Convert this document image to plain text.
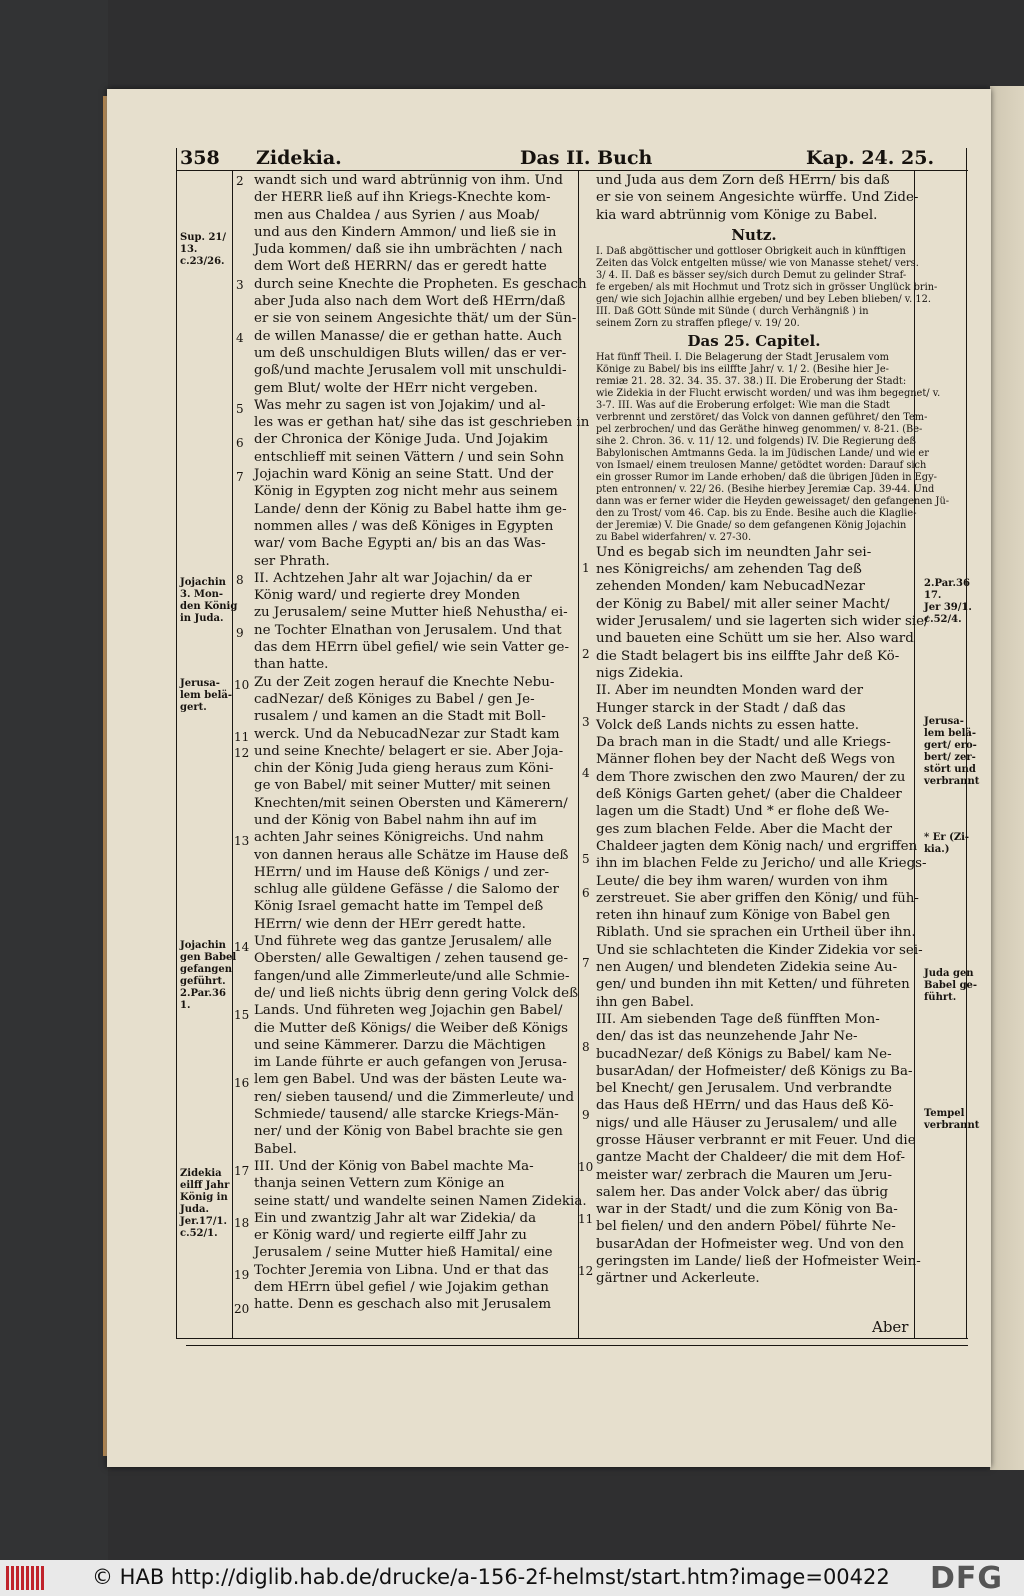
358 Zidekia.	Das II. Buch	Kap. 24. 25.
Sup. 21/
13.
c.23/26.
Jojachin
3. Mon-
den König
in Juda.
Jerusa-
lem belä-
gert.
Jojachin
gen Babel
gefangen
geführt.
2.Par.36
1.
Zidekia
eilff Jahr
König in
Juda.
Jer.17/1.
c.52/1.
2.Par.36
17.
Jer 39/1.
c.52/4.
Jerusa-
lem belä-
gert/ ero-
bert/ zer-
stört und
verbrannt
* Er (Zi-
kia.)
Juda gen
Babel ge-
führt.
Tempel
verbrannt
2
3
4
5
6
7
8
9
10
11
12
13
14
15
16
17
18
19
20
wandt sich und ward abtrünnig von ihm. Und
der HERR ließ auf ihn Kriegs-Knechte kom-
men aus Chaldea / aus Syrien / aus Moab/
und aus den Kindern Ammon/ und ließ sie in
Juda kommen/ daß sie ihn umbrächten / nach
dem Wort deß HERRN/ das er geredt hatte
durch seine Knechte die Propheten. Es geschach
aber Juda also nach dem Wort deß HErrn/daß
er sie von seinem Angesichte thät/ um der Sün-
de willen Manasse/ die er gethan hatte. Auch
um deß unschuldigen Bluts willen/ das er ver-
goß/und machte Jerusalem voll mit unschuldi-
gem Blut/ wolte der HErr nicht vergeben.
Was mehr zu sagen ist von Jojakim/ und al-
les was er gethan hat/ sihe das ist geschrieben in
der Chronica der Könige Juda. Und Jojakim
entschlieff mit seinen Vättern / und sein Sohn
Jojachin ward König an seine Statt. Und der
König in Egypten zog nicht mehr aus seinem
Lande/ denn der König zu Babel hatte ihm ge-
nommen alles / was deß Königes in Egypten
war/ vom Bache Egypti an/ bis an das Was-
ser Phrath.
II. Achtzehen Jahr alt war Jojachin/ da er
König ward/ und regierte drey Monden
zu Jerusalem/ seine Mutter hieß Nehustha/ ei-
ne Tochter Elnathan von Jerusalem. Und that
das dem HErrn übel gefiel/ wie sein Vatter ge-
than hatte.
Zu der Zeit zogen herauf die Knechte Nebu-
cadNezar/ deß Königes zu Babel / gen Je-
rusalem / und kamen an die Stadt mit Boll-
werck. Und da NebucadNezar zur Stadt kam
und seine Knechte/ belagert er sie. Aber Joja-
chin der König Juda gieng heraus zum Köni-
ge von Babel/ mit seiner Mutter/ mit seinen
Knechten/mit seinen Obersten und Kämerern/
und der König von Babel nahm ihn auf im
achten Jahr seines Königreichs. Und nahm
von dannen heraus alle Schätze im Hause deß
HErrn/ und im Hause deß Königs / und zer-
schlug alle güldene Gefässe / die Salomo der
König Israel gemacht hatte im Tempel deß
HErrn/ wie denn der HErr geredt hatte.
Und führete weg das gantze Jerusalem/ alle
Obersten/ alle Gewaltigen / zehen tausend ge-
fangen/und alle Zimmerleute/und alle Schmie-
de/ und ließ nichts übrig denn gering Volck deß
Lands. Und führeten weg Jojachin gen Babel/
die Mutter deß Königs/ die Weiber deß Königs
und seine Kämmerer. Darzu die Mächtigen
im Lande führte er auch gefangen von Jerusa-
lem gen Babel. Und was der bästen Leute wa-
ren/ sieben tausend/ und die Zimmerleute/ und
Schmiede/ tausend/ alle starcke Kriegs-Män-
ner/ und der König von Babel brachte sie gen
Babel.
III. Und der König von Babel machte Ma-
thanja seinen Vettern zum Könige an
seine statt/ und wandelte seinen Namen Zidekia.
Ein und zwantzig Jahr alt war Zidekia/ da
er König ward/ und regierte eilff Jahr zu
Jerusalem / seine Mutter hieß Hamital/ eine
Tochter Jeremia von Libna. Und er that das
dem HErrn übel gefiel / wie Jojakim gethan
hatte. Denn es geschach also mit Jerusalem
und Juda aus dem Zorn deß HErrn/ bis daß
er sie von seinem Angesichte würffe. Und Zide-
kia ward abtrünnig vom Könige zu Babel.
Nutz.
I. Daß abgöttischer und gottloser Obrigkeit auch in künfftigen
Zeiten das Volck entgelten müsse/ wie von Manasse stehet/ vers.
3/ 4. II. Daß es bässer sey/sich durch Demut zu gelinder Straf-
fe ergeben/ als mit Hochmut und Trotz sich in grösser Unglück brin-
gen/ wie sich Jojachin allhie ergeben/ und bey Leben blieben/ v. 12.
III. Daß GOtt Sünde mit Sünde ( durch Verhängniß ) in
seinem Zorn zu straffen pflege/ v. 19/ 20.
Das 25. Capitel.
Hat fünff Theil. I. Die Belagerung der Stadt Jerusalem vom
Könige zu Babel/ bis ins eilffte Jahr/ v. 1/ 2. (Besihe hier Je-
remiæ 21. 28. 32. 34. 35. 37. 38.) II. Die Eroberung der Stadt:
wie Zidekia in der Flucht erwischt worden/ und was ihm begegnet/ v.
3-7. III. Was auf die Eroberung erfolget: Wie man die Stadt
verbrennt und zerstöret/ das Volck von dannen geführet/ den Tem-
pel zerbrochen/ und das Geräthe hinweg genommen/ v. 8-21. (Be-
sihe 2. Chron. 36. v. 11/ 12. und folgends) IV. Die Regierung deß
Babylonischen Amtmanns Geda. la im Jüdischen Lande/ und wie er
von Ismael/ einem treulosen Manne/ getödtet worden: Darauf sich
ein grosser Rumor im Lande erhoben/ daß die übrigen Jüden in Egy-
pten entronnen/ v. 22/ 26. (Besihe hierbey Jeremiæ Cap. 39-44. Und
dann was er ferner wider die Heyden geweissaget/ den gefangenen Jü-
den zu Trost/ vom 46. Cap. bis zu Ende. Besihe auch die Klaglie-
der Jeremiæ) V. Die Gnade/ so dem gefangenen König Jojachin
zu Babel widerfahren/ v. 27-30.
Und es begab sich im neundten Jahr sei-
nes Königreichs/ am zehenden Tag deß
zehenden Monden/ kam NebucadNezar
der König zu Babel/ mit aller seiner Macht/
wider Jerusalem/ und sie lagerten sich wider sie/
und baueten eine Schütt um sie her. Also ward
die Stadt belagert bis ins eilffte Jahr deß Kö-
nigs Zidekia.
II. Aber im neundten Monden ward der
Hunger starck in der Stadt / daß das
Volck deß Lands nichts zu essen hatte.
Da brach man in die Stadt/ und alle Kriegs-
Männer flohen bey der Nacht deß Wegs von
dem Thore zwischen den zwo Mauren/ der zu
deß Königs Garten gehet/ (aber die Chaldeer
lagen um die Stadt) Und * er flohe deß We-
ges zum blachen Felde. Aber die Macht der
Chaldeer jagten dem König nach/ und ergriffen
ihn im blachen Felde zu Jericho/ und alle Kriegs-
Leute/ die bey ihm waren/ wurden von ihm
zerstreuet. Sie aber griffen den König/ und füh-
reten ihn hinauf zum Könige von Babel gen
Riblath. Und sie sprachen ein Urtheil über ihn.
Und sie schlachteten die Kinder Zidekia vor sei-
nen Augen/ und blendeten Zidekia seine Au-
gen/ und bunden ihn mit Ketten/ und führeten
ihn gen Babel.
III. Am siebenden Tage deß fünfften Mon-
den/ das ist das neunzehende Jahr Ne-
bucadNezar/ deß Königs zu Babel/ kam Ne-
busarAdan/ der Hofmeister/ deß Königs zu Ba-
bel Knecht/ gen Jerusalem. Und verbrandte
das Haus deß HErrn/ und das Haus deß Kö-
nigs/ und alle Häuser zu Jerusalem/ und alle
grosse Häuser verbrannt er mit Feuer. Und die
gantze Macht der Chaldeer/ die mit dem Hof-
meister war/ zerbrach die Mauren um Jeru-
salem her. Das ander Volck aber/ das übrig
war in der Stadt/ und die zum König von Ba-
bel fielen/ und den andern Pöbel/ führte Ne-
busarAdan der Hofmeister weg. Und von den
geringsten im Lande/ ließ der Hofmeister Wein-
gärtner und Ackerleute.
1
2
3
4
5
6
7
8
9
10
11
12
Aber
© HAB http://diglib.hab.de/drucke/a-156-2f-helmst/start.htm?image=00422 DFG
